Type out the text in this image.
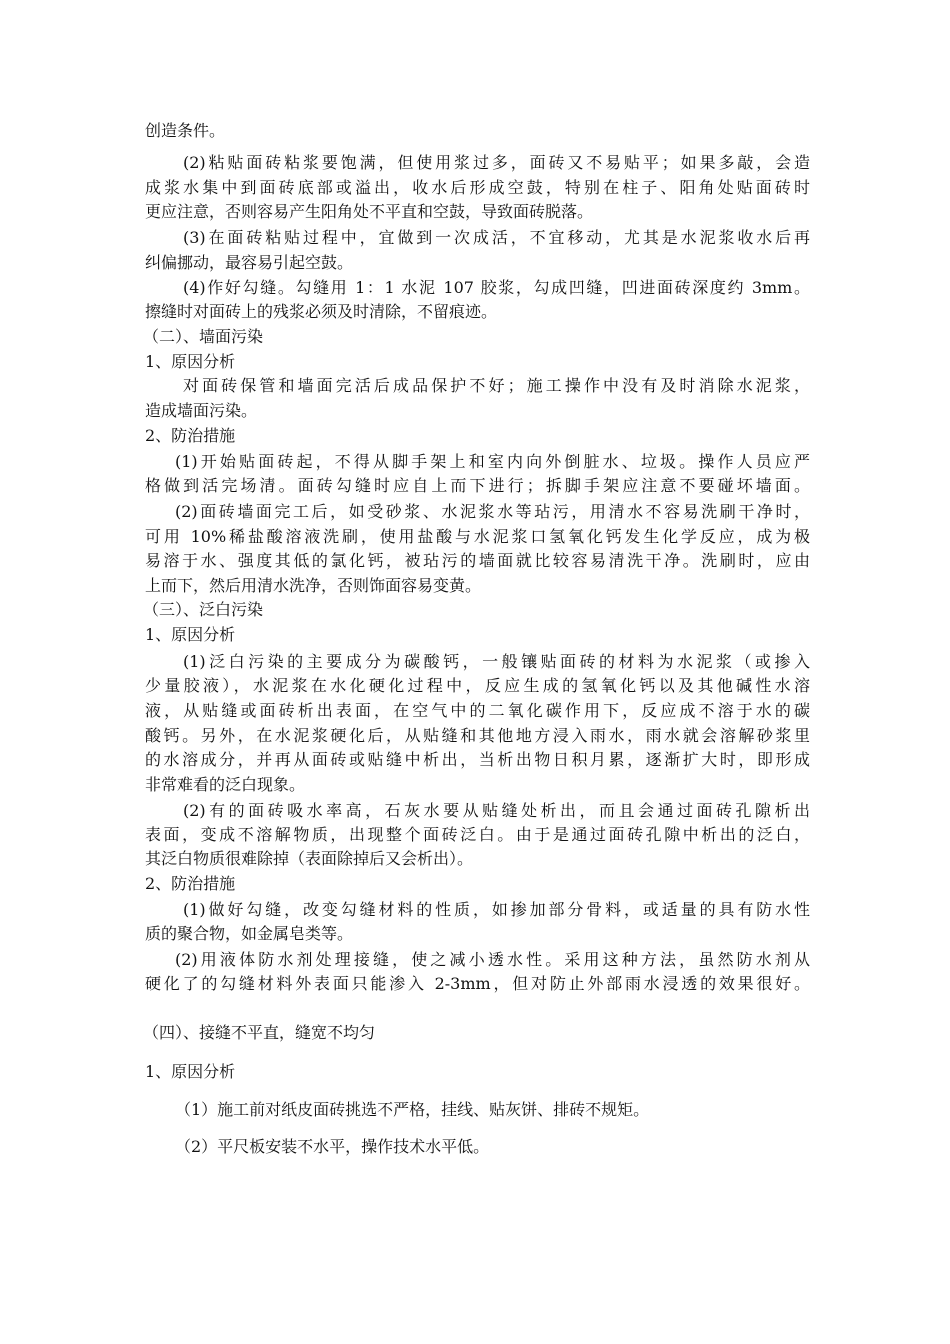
创造条件。
(2)粘贴面砖粘浆要饱满，但使用浆过多，面砖又不易贴平；如果多敲，会造
成浆水集中到面砖底部或溢出，收水后形成空鼓，特别在柱子、阳角处贴面砖时
更应注意，否则容易产生阳角处不平直和空鼓，导致面砖脱落。
(3)在面砖粘贴过程中，宜做到一次成活，不宜移动，尤其是水泥浆收水后再
纠偏挪动，最容易引起空鼓。
(4)作好勾缝。勾缝用 1：1 水泥 107 胶浆，勾成凹缝，凹进面砖深度约 3mm。
擦缝时对面砖上的残浆必须及时清除，不留痕迹。
（二）、墙面污染
1、原因分析
对面砖保管和墙面完活后成品保护不好；施工操作中没有及时消除水泥浆，
造成墙面污染。
2、防治措施
(1)开始贴面砖起，不得从脚手架上和室内向外倒脏水、垃圾。操作人员应严
格做到活完场清。面砖勾缝时应自上而下进行；拆脚手架应注意不要碰坏墙面。
(2)面砖墙面完工后，如受砂浆、水泥浆水等玷污，用清水不容易洗刷干净时，
可用 10%稀盐酸溶液洗刷，使用盐酸与水泥浆口氢氧化钙发生化学反应，成为极
易溶于水、强度其低的氯化钙，被玷污的墙面就比较容易清洗干净。洗刷时，应由
上而下，然后用清水洗净，否则饰面容易变黄。
（三）、泛白污染
1、原因分析
(1)泛白污染的主要成分为碳酸钙，一般镶贴面砖的材料为水泥浆（或掺入
少量胶液），水泥浆在水化硬化过程中，反应生成的氢氧化钙以及其他碱性水溶
液，从贴缝或面砖析出表面，在空气中的二氧化碳作用下，反应成不溶于水的碳
酸钙。另外，在水泥浆硬化后，从贴缝和其他地方浸入雨水，雨水就会溶解砂浆里
的水溶成分，并再从面砖或贴缝中析出，当析出物日积月累，逐渐扩大时，即形成
非常难看的泛白现象。
(2)有的面砖吸水率高，石灰水要从贴缝处析出，而且会通过面砖孔隙析出
表面，变成不溶解物质，出现整个面砖泛白。由于是通过面砖孔隙中析出的泛白，
其泛白物质很难除掉（表面除掉后又会析出）。
2、防治措施
(1)做好勾缝，改变勾缝材料的性质，如掺加部分骨料，或适量的具有防水性
质的聚合物，如金属皂类等。
(2)用液体防水剂处理接缝，使之减小透水性。采用这种方法，虽然防水剂从
硬化了的勾缝材料外表面只能渗入 2-3mm，但对防止外部雨水浸透的效果很好。
（四）、接缝不平直，缝宽不均匀
1、原因分析
（1）施工前对纸皮面砖挑选不严格，挂线、贴灰饼、排砖不规矩。
（2）平尺板安装不水平，操作技术水平低。
